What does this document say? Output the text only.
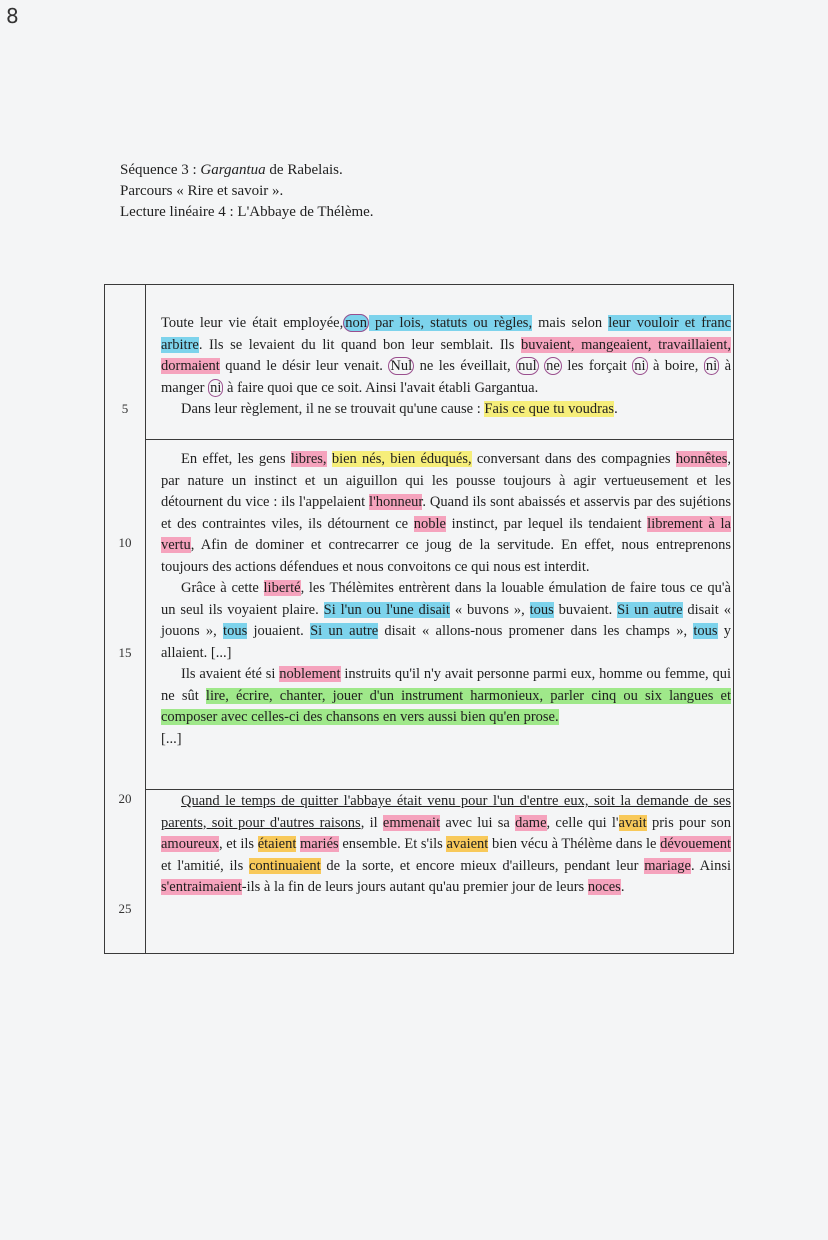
8
Séquence 3 : Gargantua de Rabelais.
Parcours « Rire et savoir ».
Lecture linéaire 4 : L'Abbaye de Thélème.
5
10
15
20
25

Toute leur vie était employée, non par lois, statuts ou règles, mais selon leur vouloir et franc arbitre. Ils se levaient du lit quand bon leur semblait. Ils buvaient, mangeaient, travaillaient, dormaient quand le désir leur venait. Nul ne les éveillait, nul ne les forçait ni à boire, ni à manger ni à faire quoi que ce soit. Ainsi l'avait établi Gargantua.

Dans leur règlement, il ne se trouvait qu'une cause : Fais ce que tu voudras.

En effet, les gens libres, bien nés, bien éduqués, conversant dans des compagnies honnêtes, par nature un instinct et un aiguillon qui les pousse toujours à agir vertueusement et les détournent du vice : ils l'appelaient l'honneur. Quand ils sont abaissés et asservis par des sujétions et des contraintes viles, ils détournent ce noble instinct, par lequel ils tendaient librement à la vertu, Afin de dominer et contrecarrer ce joug de la servitude. En effet, nous entreprenons toujours des actions défendues et nous convoitons ce qui nous est interdit.

Grâce à cette liberté, les Thélèmites entrèrent dans la louable émulation de faire tous ce qu'à un seul ils voyaient plaire. Si l'un ou l'une disait « buvons », tous buvaient. Si un autre disait « jouons », tous jouaient. Si un autre disait « allons-nous promener dans les champs », tous y allaient. [...]

Ils avaient été si noblement instruits qu'il n'y avait personne parmi eux, homme ou femme, qui ne sût lire, écrire, chanter, jouer d'un instrument harmonieux, parler cinq ou six langues et composer avec celles-ci des chansons en vers aussi bien qu'en prose.

[...]

Quand le temps de quitter l'abbaye était venu pour l'un d'entre eux, soit la demande de ses parents, soit pour d'autres raisons, il emmenait avec lui sa dame, celle qui l'avait pris pour son amoureux, et ils étaient mariés ensemble. Et s'ils avaient bien vécu à Thélème dans le dévouement et l'amitié, ils continuaient de la sorte, et encore mieux d'ailleurs, pendant leur mariage. Ainsi s'entraimaient-ils à la fin de leurs jours autant qu'au premier jour de leurs noces.
